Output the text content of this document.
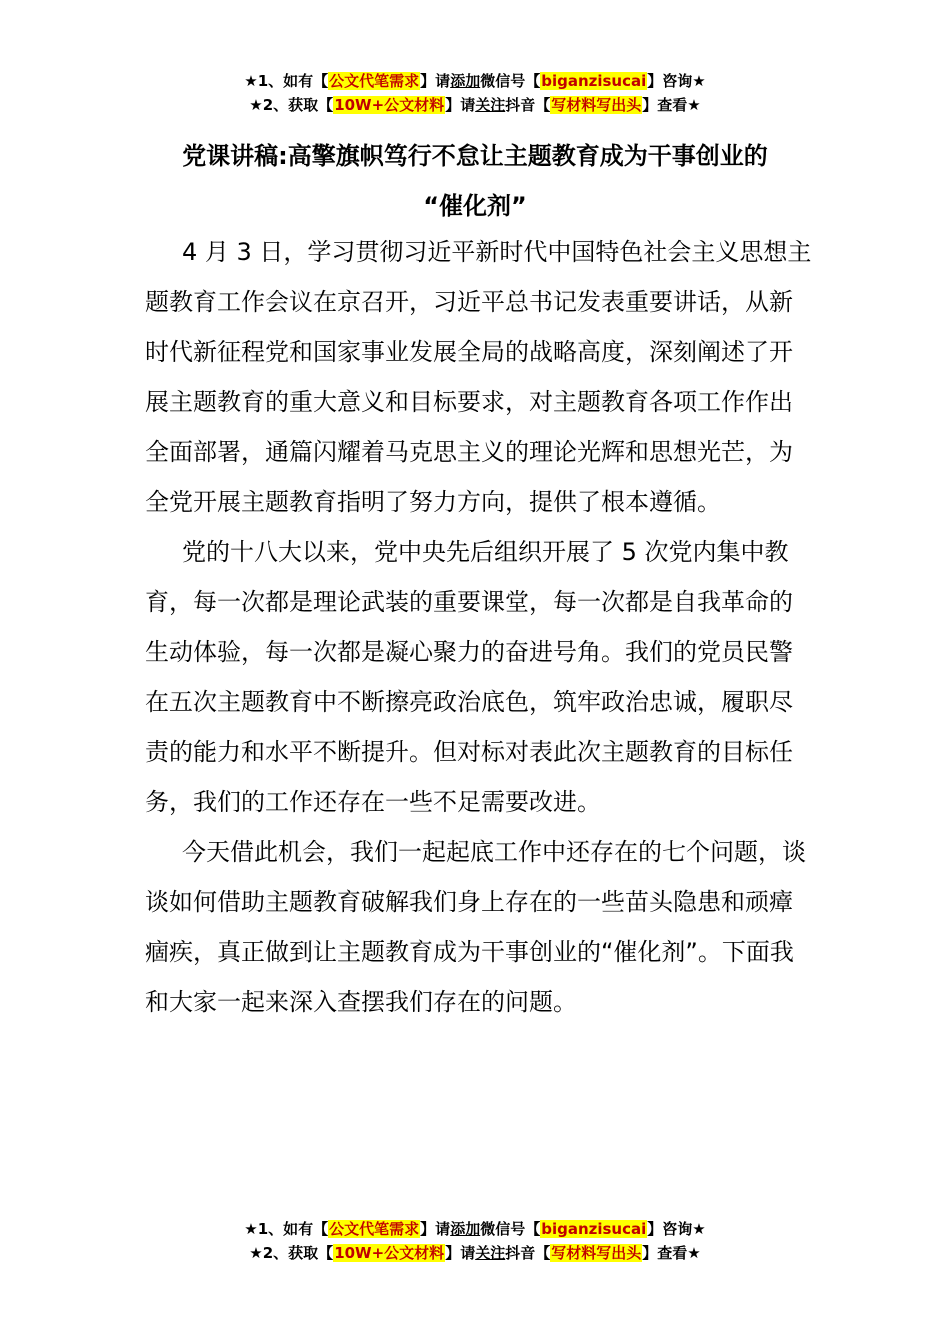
★1、如有【公文代笔需求】请添加微信号【biganzisucai】咨询★
★2、获取【10W+公文材料】请关注抖音【写材料写出头】查看★
党课讲稿:高擎旗帜笃行不怠让主题教育成为干事创业的
“催化剂”

4 月 3 日，学习贯彻习近平新时代中国特色社会主义思想主题教育工作会议在京召开，习近平总书记发表重要讲话，从新时代新征程党和国家事业发展全局的战略高度，深刻阐述了开展主题教育的重大意义和目标要求，对主题教育各项工作作出全面部署，通篇闪耀着马克思主义的理论光辉和思想光芒，为全党开展主题教育指明了努力方向，提供了根本遵循。

党的十八大以来，党中央先后组织开展了 5 次党内集中教育，每一次都是理论武装的重要课堂，每一次都是自我革命的生动体验，每一次都是凝心聚力的奋进号角。我们的党员民警在五次主题教育中不断擦亮政治底色，筑牢政治忠诚，履职尽责的能力和水平不断提升。但对标对表此次主题教育的目标任务，我们的工作还存在一些不足需要改进。

今天借此机会，我们一起起底工作中还存在的七个问题，谈谈如何借助主题教育破解我们身上存在的一些苗头隐患和顽瘴痼疾，真正做到让主题教育成为干事创业的“催化剂”。下面我和大家一起来深入查摆我们存在的问题。

★1、如有【公文代笔需求】请添加微信号【biganzisucai】咨询★
★2、获取【10W+公文材料】请关注抖音【写材料写出头】查看★
